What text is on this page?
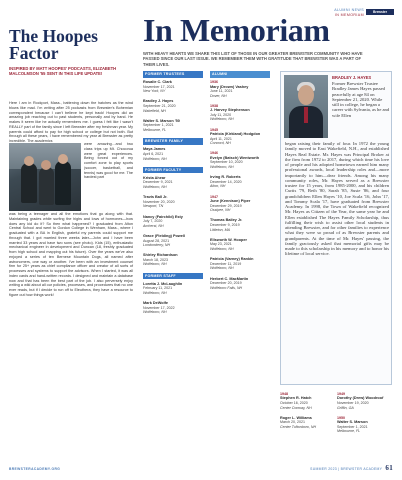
ALUMNI NEWS
IN MEMORIAM
Brewster
The Hoopes Factor
INSPIRED BY MATT HOOPES' PODCASTS, ELIZABETH MALCOLMSON '55 SENT IN THIS LIFE UPDATE!
Here I am in Rockport, Mass., battening down the hatches as the wind blows like mad. I'm writing after 25 podcasts from Brewster's Bohemian correspondent because I can't believe he kept track! Hoopes did an amazing job reaching out to past students, personally and by hand. He makes it seem like he actually remembers me. I guess I felt like I wasn't REALLY part of the family since I left Brewster after my freshman year. My parents could afford to pay for high school or college but not both. But through all these years, I have remembered my year at Brewster as pretty incredible. The academics
were amazing…and two class trips up Mt. Chocorua were great experiences. Being forced out of my comfort zone to play sports (soccer, basketball, and tennis) was good for me. The hardest part
was being a teenager and all the emotions that go along with that. Maintaining grades while surfing the highs and lows of hormones—how does any kid do it? So then what happened? I graduated from Alton Central School and went to Gordon College in Wenham, Mass., where I graduated with a BA in English, grateful my parents could support me through that. I got married three weeks later—John and I have been married 33 years and have two sons (see photo). Kids (15), enthusiastic mechanical engineer in development and Duncan (18, freshly graduated from high school and mapping out his future). Over the years we've also enjoyed a series of ten Bernese Mountain Dogs, all named after astronomers, one way or another. I've been with an investment counsel firm for 25+ years as chief compliance officer and creator of all sorts of processes and systems to support the advisors. When I started, it was all index cards and hand-written records. I designed and maintain a database now and that has been the best part of the job. I also perversely enjoy writing a wiki about all our policies, processes, and procedures that no one ever reads, but if I decide to run off to Eleuthera, they have a resource to figure out how things work!
In Memoriam
WITH HEAVY HEARTS WE SHARE THIS LIST OF THOSE IN OUR GREATER BREWSTER COMMUNITY WHO HAVE PASSED SINCE OUR LAST ISSUE. WE REMEMBER THEM WITH GRATITUDE THAT BREWSTER WAS A PART OF THEIR LIVES.
FORMER TRUSTEES
Rosalie C. Clark
November 17, 2021
New York, NY
Bradley J. Hayes
September 21, 2020
Wakefield, NH
Walter S. Marson '50
September 1, 2021
Melbourne, FL
BREWSTER FAMILY
Maya James
April 6, 2021
Wolfeboro, NH
FORMER FACULTY
Krista Ahear
December 9, 2021
Wolfeboro, NH
Travis Ball Jr.
November 20, 2020
Newport, TN
Nancy (Fairchild) Esty
July 7, 2020
Amherst, NH
Grace (Fielding) Powell
August 28, 2021
Londonderry, NH
Shirley Richardson
March 18, 2023
Wolfeboro, NH
FORMER STAFF
Loretta J. McLaughlin
February 11, 2021
Wolfeboro, NH
Mark DeWolfe
November 17, 2022
Wolfeboro, NH
ALUMNI
1936
Mary (Drown) Vashey
June 11, 2021
Dover, NH
1938
J. Harvey Stephenson
July 11, 2020
Wolfeboro, NH
1945
Patricia (Kirkland) Hodgdon
April 11, 2021
Concord, NH
1946
Evelyn (Batsch) Wentworth
September 10, 2020
Wolfeboro, NH
Irving R. Roberts
December 14, 2020
Alton, NH
1947
June (Kennison) Piper
December 29, 2019
Ossipee, NH
Thomas Bailey Jr.
December 9, 2019
Littleton, MA
Ellsworth W. Hooper
May 23, 2021
Wolfeboro, NH
Patricia (Varney) Rankin
December 11, 2019
Wolfeboro, NH
Herbert C. MacMartin
December 20, 2019
Wolfeboro Falls, NH
BRADLEY J. HAYES
Former Brewster Trustee Bradley James Hayes passed peacefully at age 84 on September 21, 2020. While still in college, he began a career with Sylvania, as he and wife Ellen
began raising their family of four. In 1972 the young family moved to East Wakefield, N.H., and established Hayes Real Estate. Mr. Hayes was Principal Broker at the firm from 1972 to 2017, during which time his love of people and his adopted hometown earned him many professional awards, local leadership roles and—more importantly to him—dear friends. Among his many community roles, Mr. Hayes served as a Brewster trustee for 15 years, from 1985-2000, and his children Curtis '79, Beth '80, Sarah '85, Susie '86, and four grandchildren Ellen Hayes '10, Joe Scala '16, John '17, and Tommy Scala '17, have graduated from Brewster Academy. In 1998, the Town of Wakefield recognized Mr. Hayes as Citizen of the Year, the same year he and Ellen established The Hayes Family Scholarship, thus fulfilling their wish to assist other local students in attending Brewster, and for other families to experience what they were so proud of as Brewster parents and grandparents. At the time of Mr. Hayes' passing, the family graciously asked that memorial gifts may be made to this scholarship in his memory and to honor his lifetime of local service.
1948
Stephen R. Hatch
October 16, 2020
Center Conway, NH
Roger L. Williams
March 20, 2021
Center Tuftonboro, NH
1949
Dorothy (Drew) Woodroof
November 19, 2020
Griffin, GA
1950
Walter S. Marson
September 1, 2021
Melbourne, FL
BREWSTERACADEMY.ORG	SUMMER 2023 | BREWSTER ACADEMY 61
